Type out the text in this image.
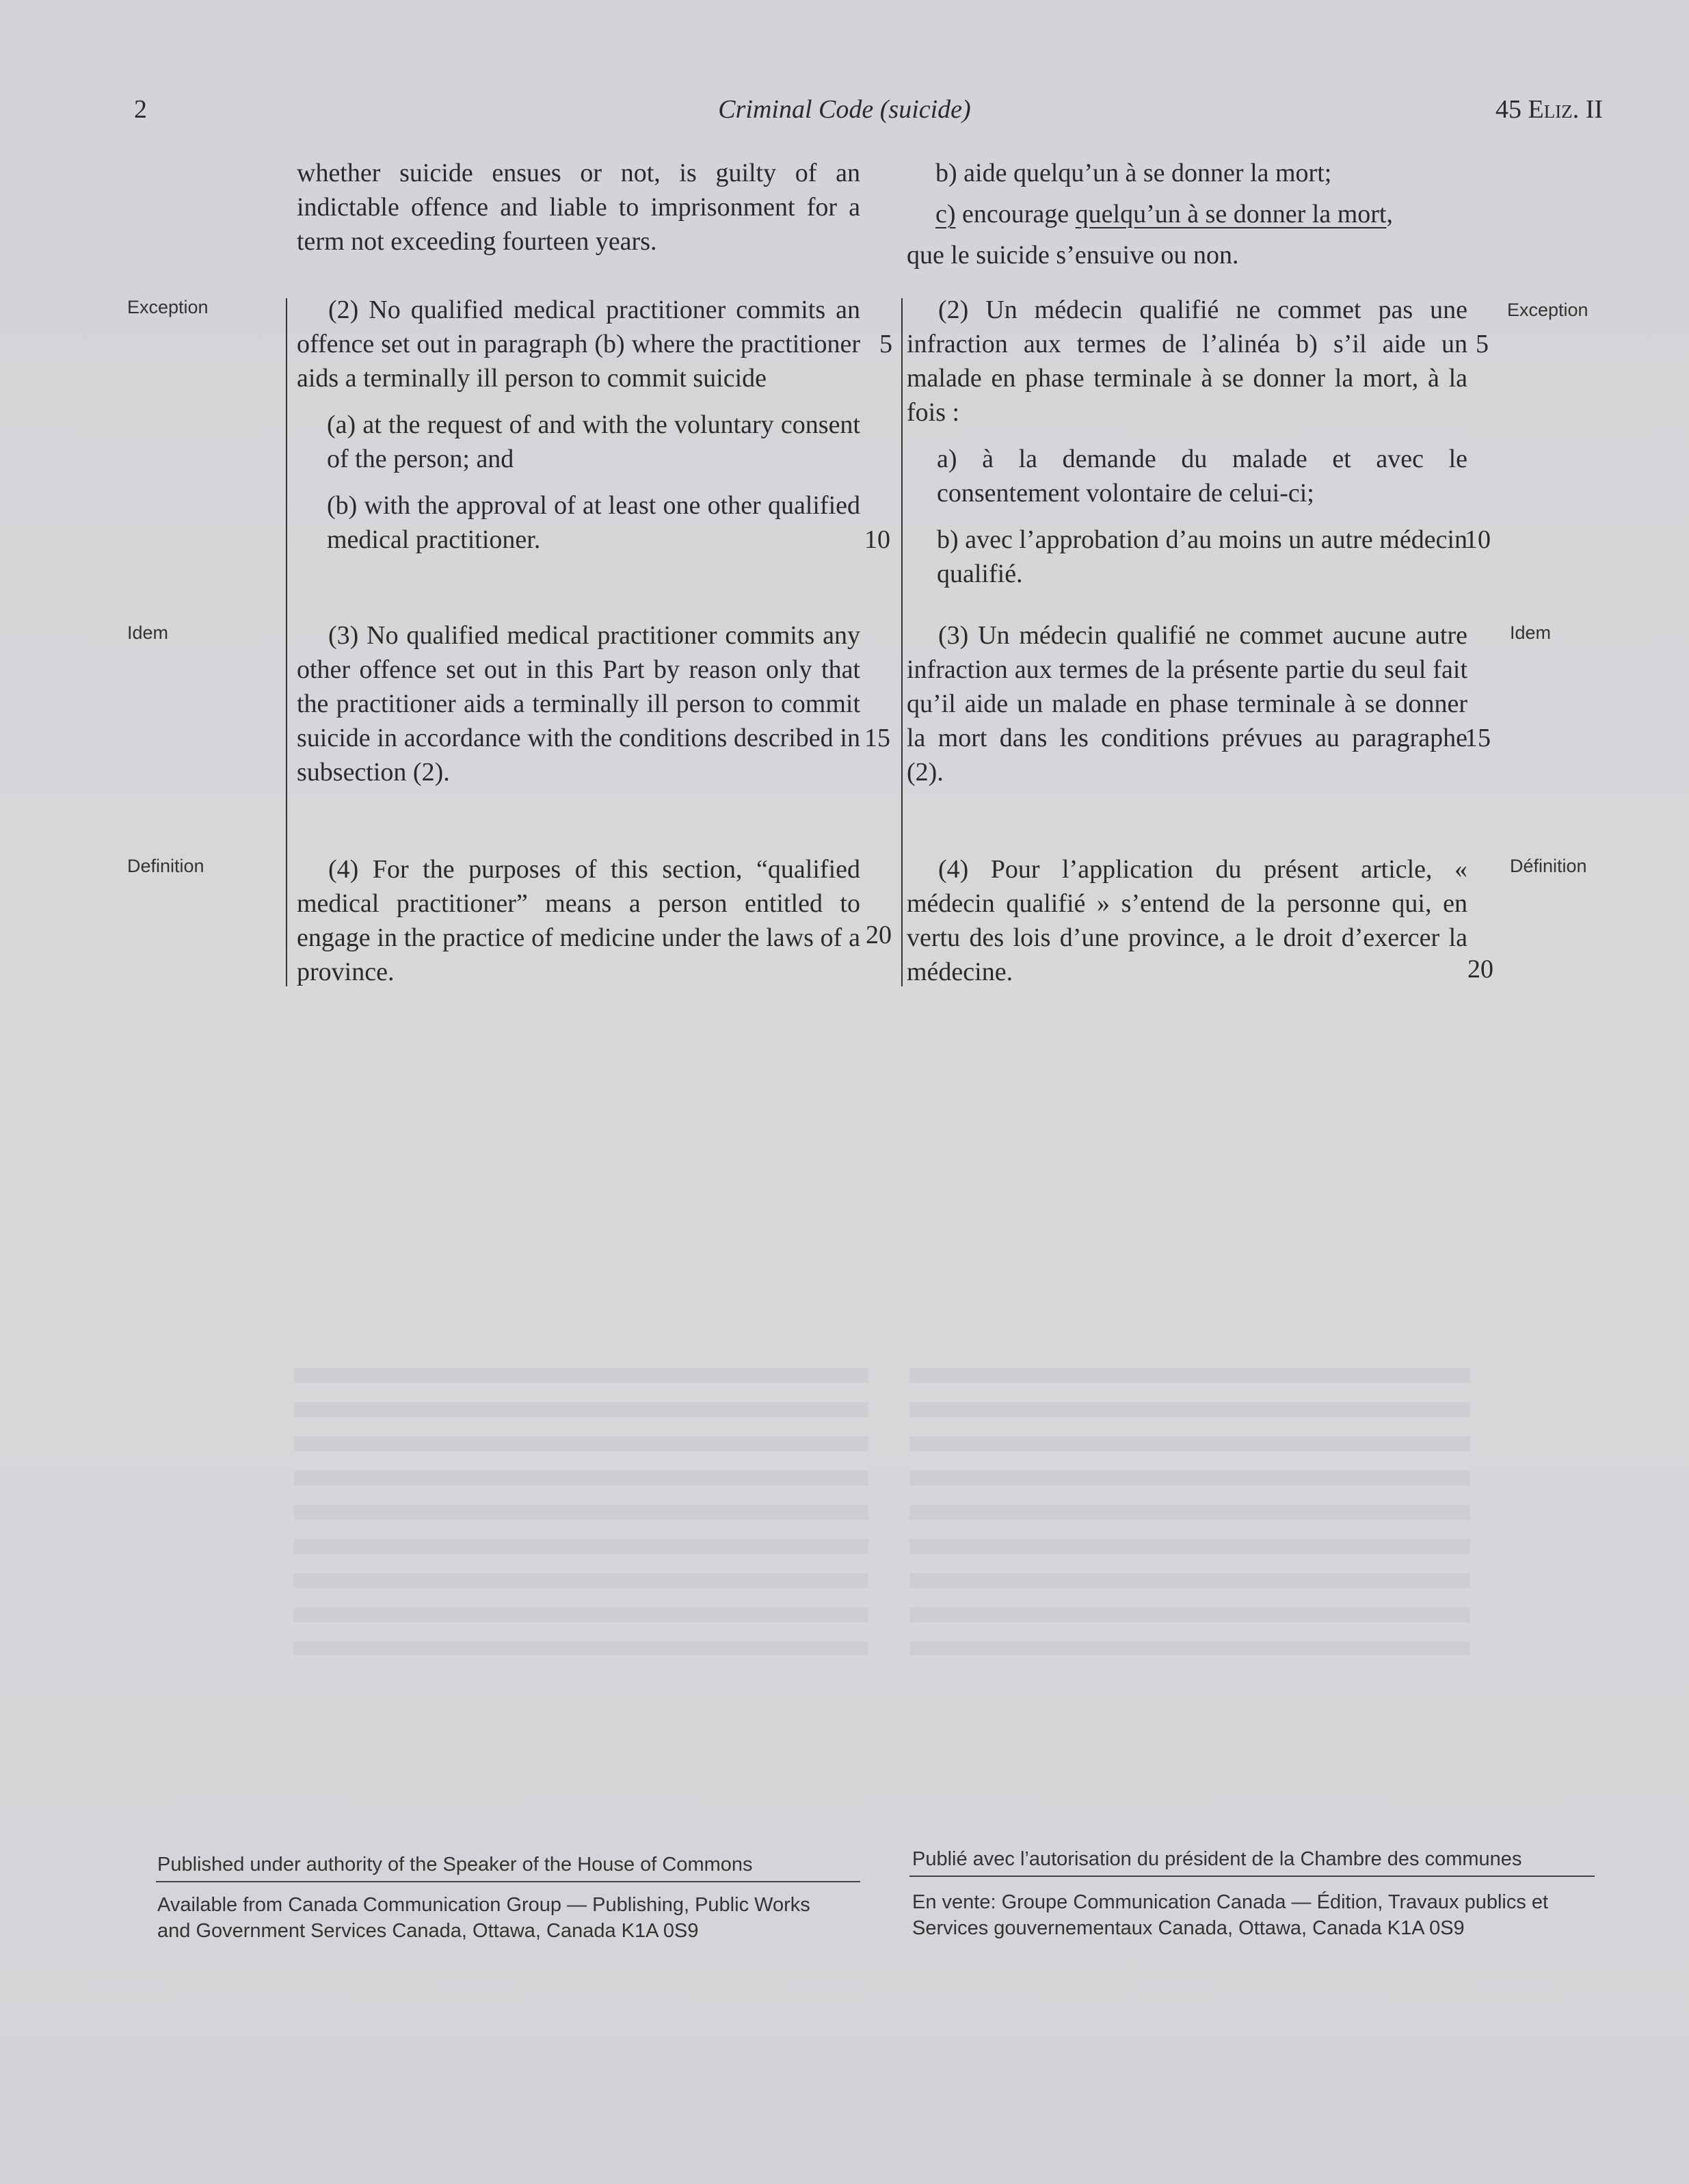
2	Criminal Code (suicide)	45 Eliz. II

whether suicide ensues or not, is guilty of an indictable offence and liable to imprisonment for a term not exceeding fourteen years.

b) aide quelqu’un à se donner la mort;

c) encourage quelqu’un à se donner la mort,

que le suicide s’ensuive ou non.

Exception
Idem
Definition
Exception
Idem
Définition

(2) No qualified medical practitioner commits an offence set out in paragraph (b) where the practitioner aids a terminally ill person to commit suicide

(a) at the request of and with the voluntary consent of the person; and

(b) with the approval of at least one other qualified medical practitioner.

(2) Un médecin qualifié ne commet pas une infraction aux termes de l’alinéa b) s’il aide un malade en phase terminale à se donner la mort, à la fois :

a) à la demande du malade et avec le consentement volontaire de celui-ci;

b) avec l’approbation d’au moins un autre médecin qualifié.

(3) No qualified medical practitioner commits any other offence set out in this Part by reason only that the practitioner aids a terminally ill person to commit suicide in accordance with the conditions described in subsection (2).

(3) Un médecin qualifié ne commet aucune autre infraction aux termes de la présente partie du seul fait qu’il aide un malade en phase terminale à se donner la mort dans les conditions prévues au paragraphe (2).

(4) For the purposes of this section, “qualified medical practitioner” means a person entitled to engage in the practice of medicine under the laws of a province.

(4) Pour l’application du présent article, « médecin qualifié » s’entend de la personne qui, en vertu des lois d’une province, a le droit d’exercer la médecine.

5
10
15
20
5
10
15
20
Published under authority of the Speaker of the House of Commons
Available from Canada Communication Group — Publishing, Public Works and Government Services Canada, Ottawa, Canada K1A 0S9
Publié avec l’autorisation du président de la Chambre des communes
En vente: Groupe Communication Canada — Édition, Travaux publics et Services gouvernementaux Canada, Ottawa, Canada K1A 0S9
